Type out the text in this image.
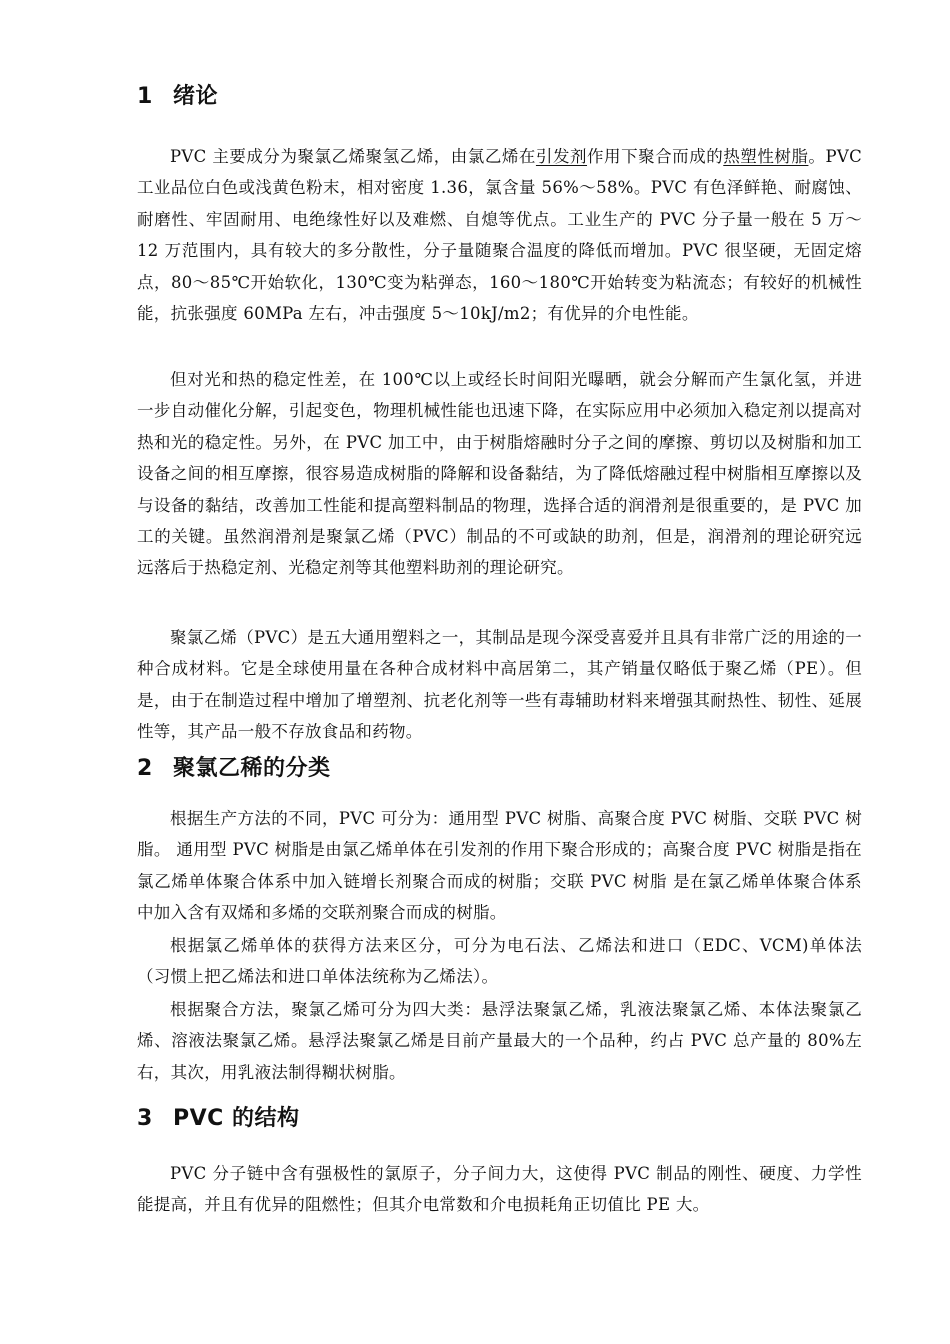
1 绪论

PVC 主要成分为聚氯乙烯聚氢乙烯，由氯乙烯在引发剂作用下聚合而成的热塑性树脂。PVC 工业品位白色或浅黄色粉末，相对密度 1.36，氯含量 56%～58%。PVC 有色泽鲜艳、耐腐蚀、耐磨性、牢固耐用、电绝缘性好以及难燃、自熄等优点。工业生产的 PVC 分子量一般在 5 万～12 万范围内，具有较大的多分散性，分子量随聚合温度的降低而增加。PVC 很坚硬，无固定熔点，80～85℃开始软化，130℃变为粘弹态，160～180℃开始转变为粘流态；有较好的机械性能，抗张强度 60MPa 左右，冲击强度 5～10kJ/m2；有优异的介电性能。

但对光和热的稳定性差，在 100℃以上或经长时间阳光曝晒，就会分解而产生氯化氢，并进一步自动催化分解，引起变色，物理机械性能也迅速下降，在实际应用中必须加入稳定剂以提高对热和光的稳定性。另外，在 PVC 加工中，由于树脂熔融时分子之间的摩擦、剪切以及树脂和加工设备之间的相互摩擦，很容易造成树脂的降解和设备黏结，为了降低熔融过程中树脂相互摩擦以及与设备的黏结，改善加工性能和提高塑料制品的物理，选择合适的润滑剂是很重要的，是 PVC 加工的关键。虽然润滑剂是聚氯乙烯（PVC）制品的不可或缺的助剂，但是，润滑剂的理论研究远远落后于热稳定剂、光稳定剂等其他塑料助剂的理论研究。

聚氯乙烯（PVC）是五大通用塑料之一，其制品是现今深受喜爱并且具有非常广泛的用途的一种合成材料。它是全球使用量在各种合成材料中高居第二，其产销量仅略低于聚乙烯（PE）。但是，由于在制造过程中增加了增塑剂、抗老化剂等一些有毒辅助材料来增强其耐热性、韧性、延展性等，其产品一般不存放食品和药物。

2 聚氯乙稀的分类

根据生产方法的不同，PVC 可分为：通用型 PVC 树脂、高聚合度 PVC 树脂、交联 PVC 树脂。 通用型 PVC 树脂是由氯乙烯单体在引发剂的作用下聚合形成的；高聚合度 PVC 树脂是指在氯乙烯单体聚合体系中加入链增长剂聚合而成的树脂；交联 PVC 树脂 是在氯乙烯单体聚合体系中加入含有双烯和多烯的交联剂聚合而成的树脂。

根据氯乙烯单体的获得方法来区分，可分为电石法、乙烯法和进口（EDC、VCM)单体法（习惯上把乙烯法和进口单体法统称为乙烯法）。

根据聚合方法，聚氯乙烯可分为四大类：悬浮法聚氯乙烯，乳液法聚氯乙烯、本体法聚氯乙烯、溶液法聚氯乙烯。悬浮法聚氯乙烯是目前产量最大的一个品种，约占 PVC 总产量的 80%左右，其次，用乳液法制得糊状树脂。

3 PVC 的结构

PVC 分子链中含有强极性的氯原子，分子间力大，这使得 PVC 制品的刚性、硬度、力学性能提高，并且有优异的阻燃性；但其介电常数和介电损耗角正切值比 PE 大。
